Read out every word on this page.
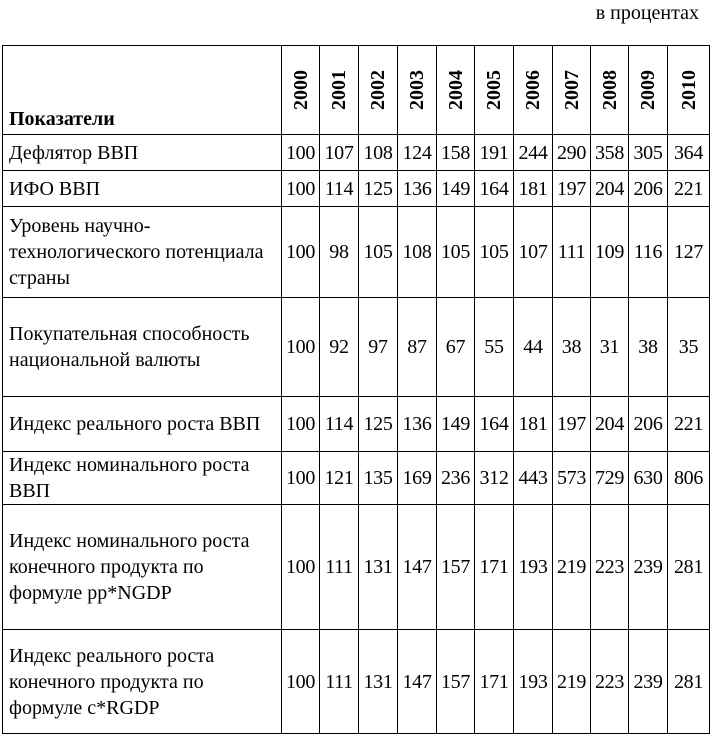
в процентах
Показатели	2000	2001	2002	2003	2004	2005	2006	2007	2008	2009	2010

Дефлятор ВВП	100	107	108	124	158	191	244	290	358	305	364
ИФО ВВП	100	114	125	136	149	164	181	197	204	206	221
Уровень научно-технологического потенциала страны	100	98	105	108	105	105	107	111	109	116	127
Покупательная способность национальной валюты	100	92	97	87	67	55	44	38	31	38	35
Индекс реального роста ВВП	100	114	125	136	149	164	181	197	204	206	221
Индекс номинального роста ВВП	100	121	135	169	236	312	443	573	729	630	806
Индекс номинального роста конечного продукта по формуле pp*NGDP	100	111	131	147	157	171	193	219	223	239	281
Индекс реального роста конечного продукта по формуле c*RGDP	100	111	131	147	157	171	193	219	223	239	281
